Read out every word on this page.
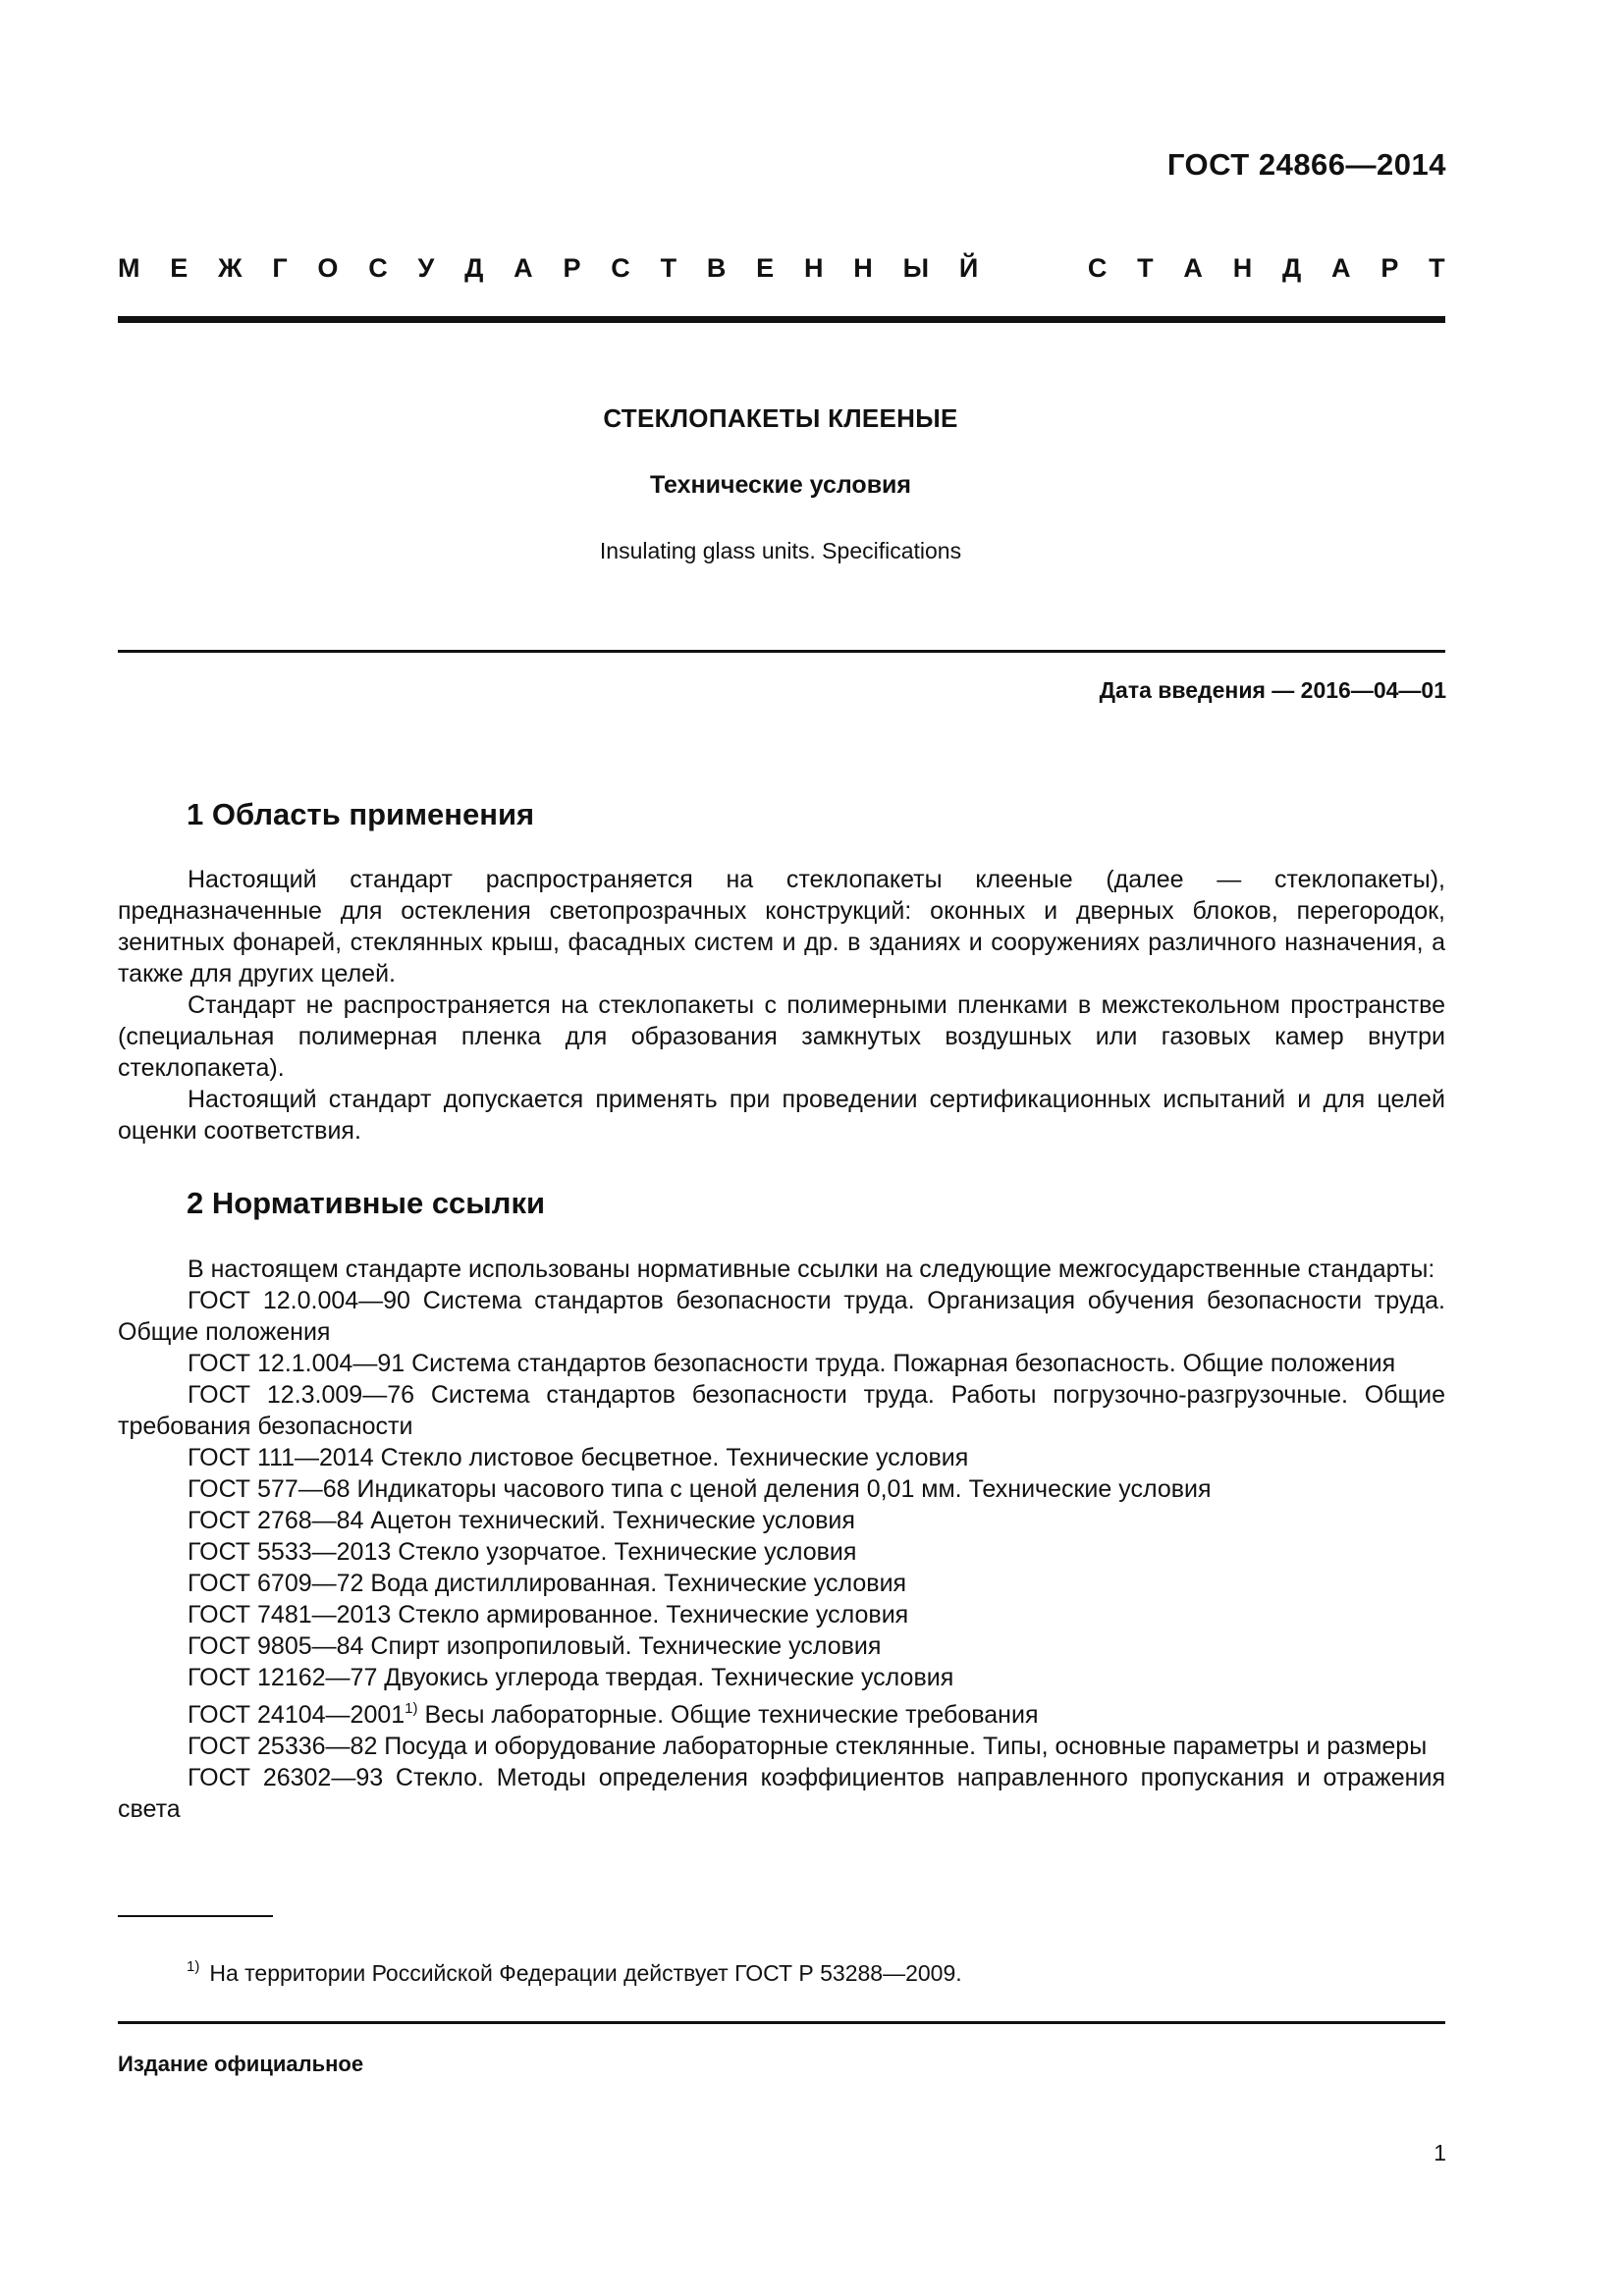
ГОСТ 24866—2014
М Е Ж Г О С У Д А Р С Т В Е Н Н Ы Й	С Т А Н Д А Р Т
СТЕКЛОПАКЕТЫ КЛЕЕНЫЕ
Технические условия
Insulating glass units. Specifications
Дата введения — 2016—04—01
1 Область применения

Настоящий стандарт распространяется на стеклопакеты клееные (далее — стеклопакеты), предназначенные для остекления светопрозрачных конструкций: оконных и дверных блоков, перегородок, зенитных фонарей, стеклянных крыш, фасадных систем и др. в зданиях и сооружениях различного назначения, а также для других целей.

Стандарт не распространяется на стеклопакеты с полимерными пленками в межстекольном пространстве (специальная полимерная пленка для образования замкнутых воздушных или газовых камер внутри стеклопакета).

Настоящий стандарт допускается применять при проведении сертификационных испытаний и для целей оценки соответствия.

2 Нормативные ссылки

В настоящем стандарте использованы нормативные ссылки на следующие межгосударственные стандарты:

ГОСТ 12.0.004—90 Система стандартов безопасности труда. Организация обучения безопасности труда. Общие положения

ГОСТ 12.1.004—91 Система стандартов безопасности труда. Пожарная безопасность. Общие положения

ГОСТ 12.3.009—76 Система стандартов безопасности труда. Работы погрузочно-разгрузочные. Общие требования безопасности

ГОСТ 111—2014 Стекло листовое бесцветное. Технические условия

ГОСТ 577—68 Индикаторы часового типа с ценой деления 0,01 мм. Технические условия

ГОСТ 2768—84 Ацетон технический. Технические условия

ГОСТ 5533—2013 Стекло узорчатое. Технические условия

ГОСТ 6709—72 Вода дистиллированная. Технические условия

ГОСТ 7481—2013 Стекло армированное. Технические условия

ГОСТ 9805—84 Спирт изопропиловый. Технические условия

ГОСТ 12162—77 Двуокись углерода твердая. Технические условия

ГОСТ 24104—2001$^{1)}$ Весы лабораторные. Общие технические требования

ГОСТ 25336—82 Посуда и оборудование лабораторные стеклянные. Типы, основные параметры и размеры

ГОСТ 26302—93 Стекло. Методы определения коэффициентов направленного пропускания и отражения света

$^{1)}$ На территории Российской Федерации действует ГОСТ Р 53288—2009.
Издание официальное
1
